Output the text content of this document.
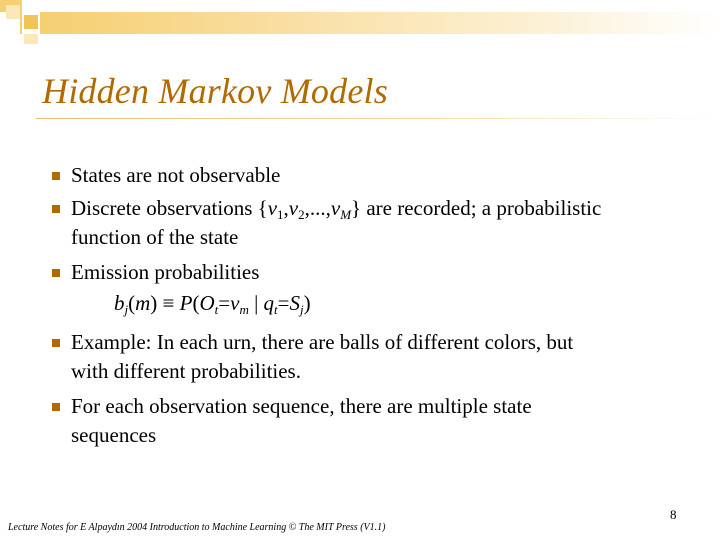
Hidden Markov Models
States are not observable
Discrete observations $\{v_1,v_2,...,v_M\}$ are recorded; a probabilistic
function of the state
Emission probabilities
$b_j(m) \equiv P(O_t=v_m$ | $q_t=S_j$)
Example: In each urn, there are balls of different colors, but
with different probabilities.
For each observation sequence, there are multiple state
sequences
8
Lecture Notes for E Alpaydın 2004 Introduction to Machine Learning © The MIT Press (V1.1)
